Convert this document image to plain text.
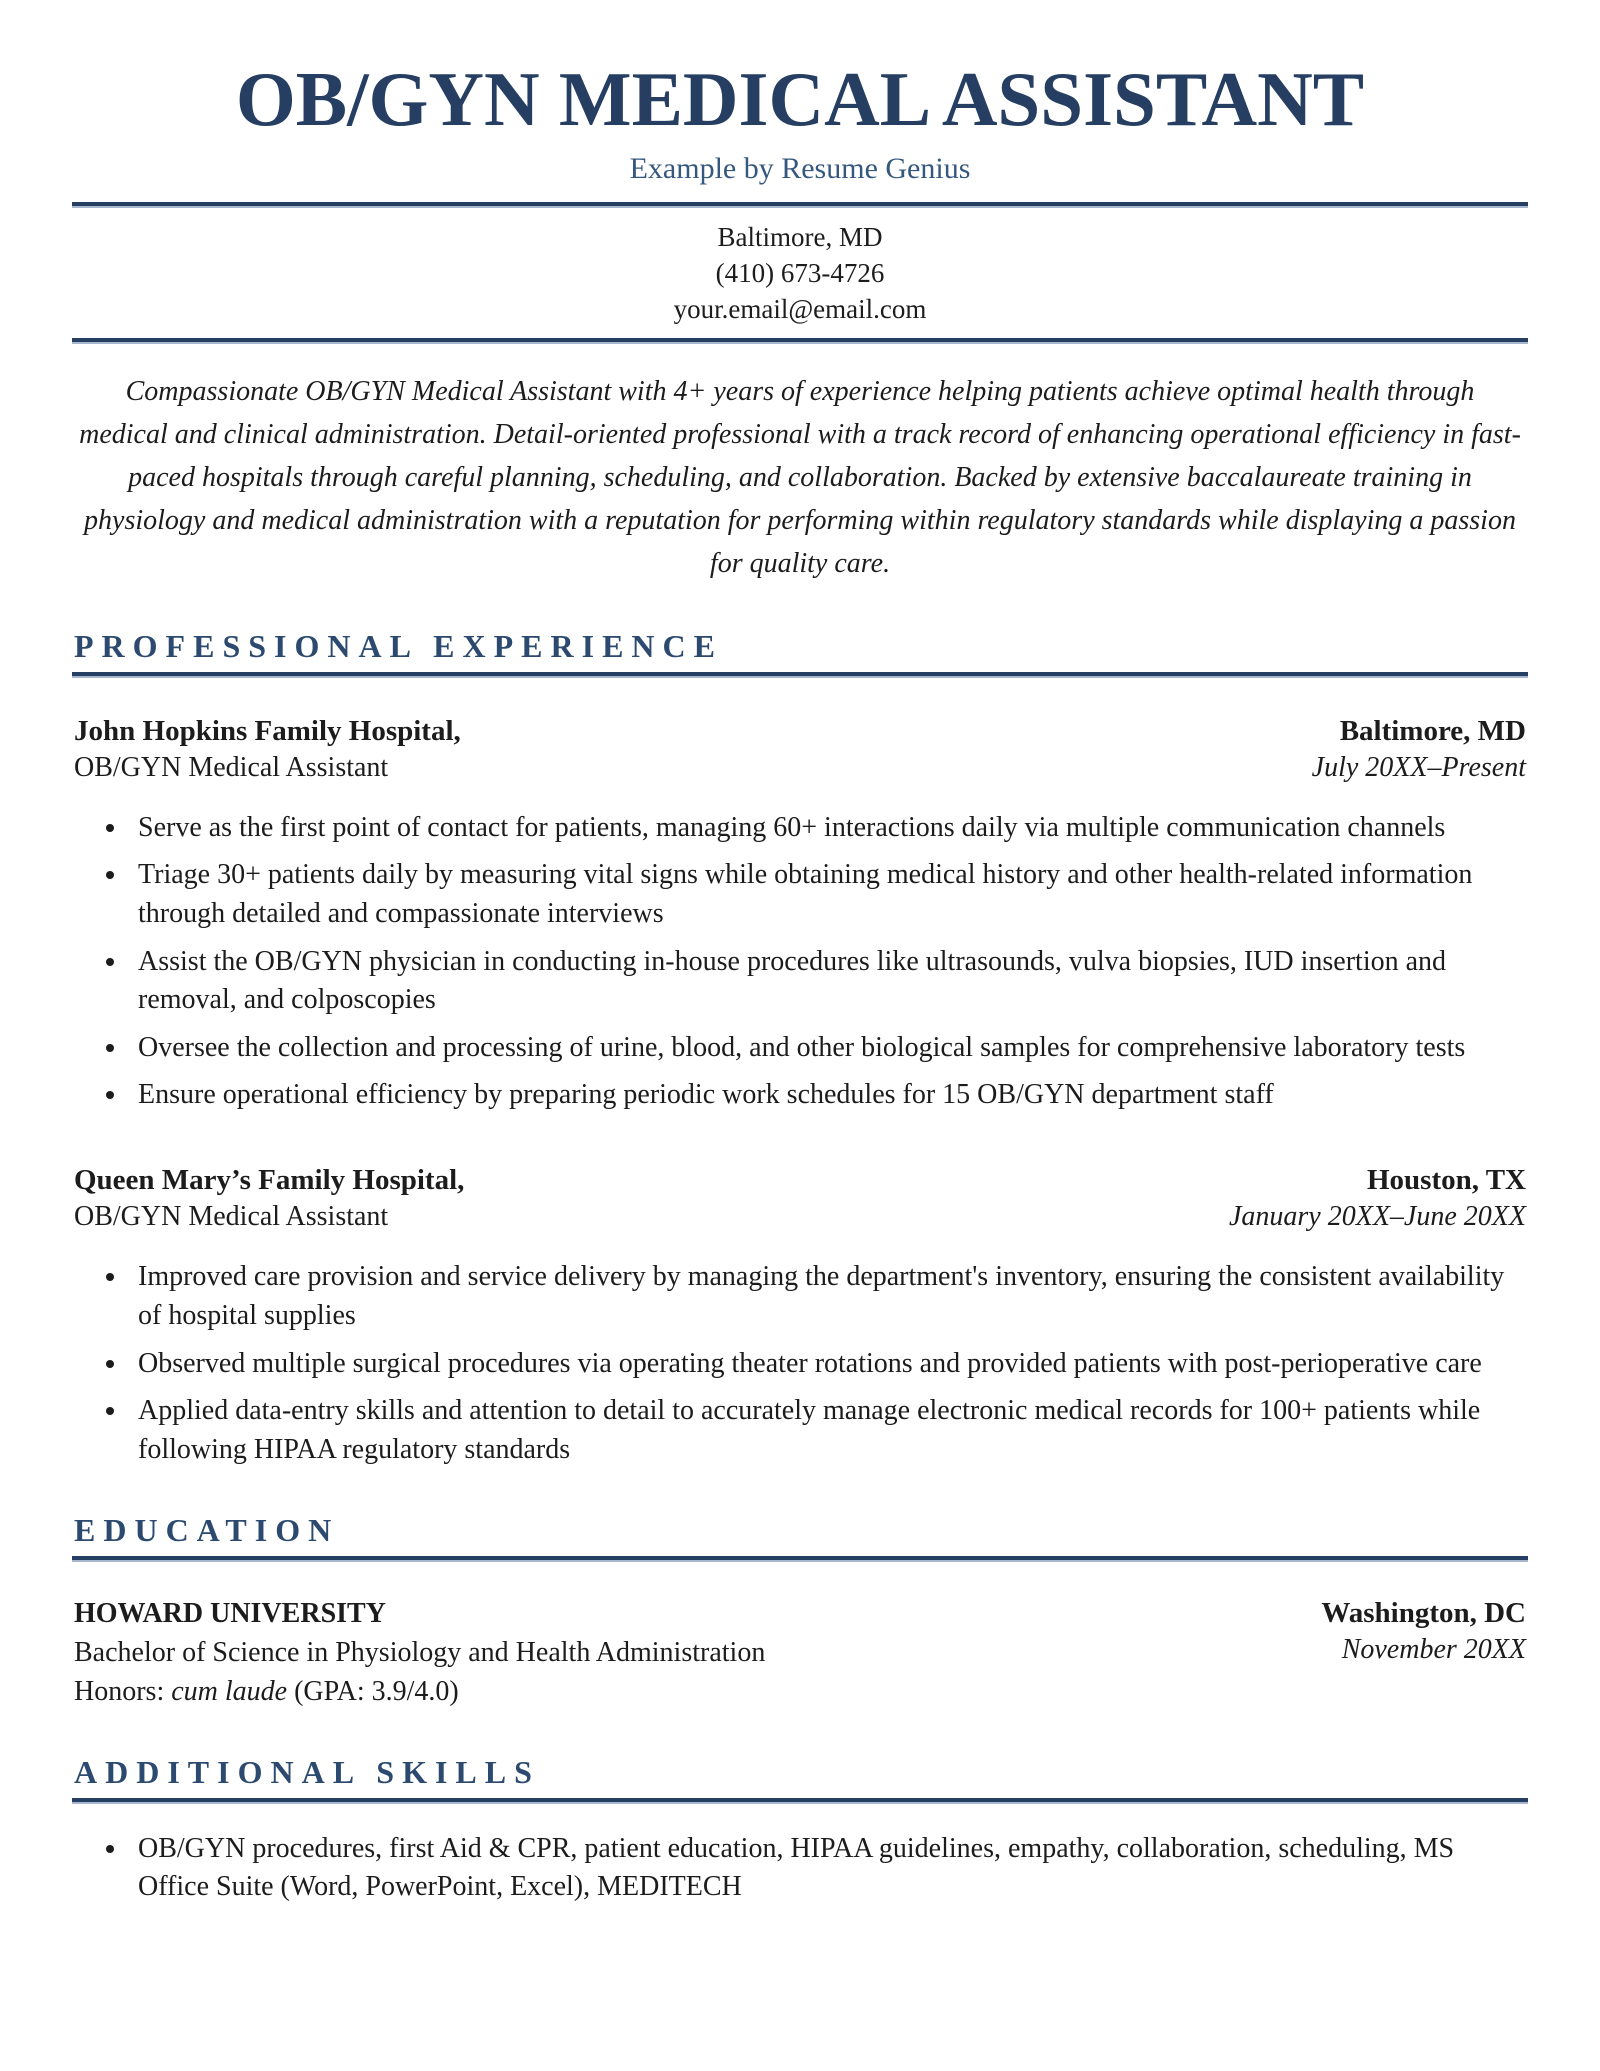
OB/GYN MEDICAL ASSISTANT
Example by Resume Genius
Baltimore, MD
(410) 673-4726
your.email@email.com

Compassionate OB/GYN Medical Assistant with 4+ years of experience helping patients achieve optimal health through medical and clinical administration. Detail-oriented professional with a track record of enhancing operational efficiency in fast-paced hospitals through careful planning, scheduling, and collaboration. Backed by extensive baccalaureate training in physiology and medical administration with a reputation for performing within regulatory standards while displaying a passion for quality care.

PROFESSIONAL EXPERIENCE
John Hopkins Family Hospital,
OB/GYN Medical Assistant
Baltimore, MD
July 20XX–Present
Serve as the first point of contact for patients, managing 60+ interactions daily via multiple communication channels
Triage 30+ patients daily by measuring vital signs while obtaining medical history and other health-related information through detailed and compassionate interviews
Assist the OB/GYN physician in conducting in-house procedures like ultrasounds, vulva biopsies, IUD insertion and removal, and colposcopies
Oversee the collection and processing of urine, blood, and other biological samples for comprehensive laboratory tests
Ensure operational efficiency by preparing periodic work schedules for 15 OB/GYN department staff
Queen Mary’s Family Hospital,
OB/GYN Medical Assistant
Houston, TX
January 20XX–June 20XX
Improved care provision and service delivery by managing the department's inventory, ensuring the consistent availability of hospital supplies
Observed multiple surgical procedures via operating theater rotations and provided patients with post-perioperative care
Applied data-entry skills and attention to detail to accurately manage electronic medical records for 100+ patients while following HIPAA regulatory standards
EDUCATION
HOWARD UNIVERSITY
Bachelor of Science in Physiology and Health Administration
Honors: cum laude (GPA: 3.9/4.0)
Washington, DC
November 20XX
ADDITIONAL SKILLS
OB/GYN procedures, first Aid & CPR, patient education, HIPAA guidelines, empathy, collaboration, scheduling, MS Office Suite (Word, PowerPoint, Excel), MEDITECH
